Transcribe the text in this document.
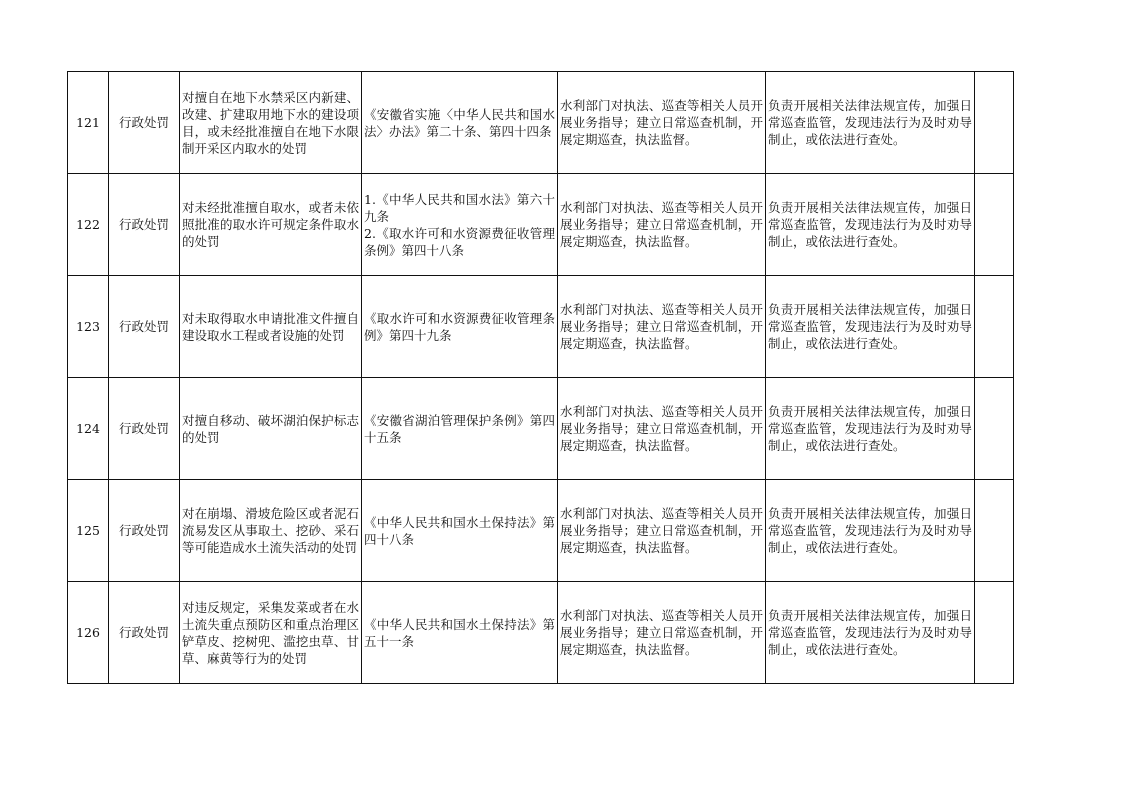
121	行政处罚	对擅自在地下水禁采区内新建、改建、扩建取用地下水的建设项目，或未经批准擅自在地下水限制开采区内取水的处罚	《安徽省实施〈中华人民共和国水法〉办法》第二十条、第四十四条	水利部门对执法、巡查等相关人员开展业务指导；建立日常巡查机制，开展定期巡查，执法监督。	负责开展相关法律法规宣传，加强日常巡查监管，发现违法行为及时劝导制止，或依法进行查处。	
122	行政处罚	对未经批准擅自取水，或者未依照批准的取水许可规定条件取水的处罚	1.《中华人民共和国水法》第六十九条
2.《取水许可和水资源费征收管理条例》第四十八条	水利部门对执法、巡查等相关人员开展业务指导；建立日常巡查机制，开展定期巡查，执法监督。	负责开展相关法律法规宣传，加强日常巡查监管，发现违法行为及时劝导制止，或依法进行查处。	
123	行政处罚	对未取得取水申请批准文件擅自建设取水工程或者设施的处罚	《取水许可和水资源费征收管理条例》第四十九条	水利部门对执法、巡查等相关人员开展业务指导；建立日常巡查机制，开展定期巡查，执法监督。	负责开展相关法律法规宣传，加强日常巡查监管，发现违法行为及时劝导制止，或依法进行查处。	
124	行政处罚	对擅自移动、破坏湖泊保护标志的处罚	《安徽省湖泊管理保护条例》第四十五条	水利部门对执法、巡查等相关人员开展业务指导；建立日常巡查机制，开展定期巡查，执法监督。	负责开展相关法律法规宣传，加强日常巡查监管，发现违法行为及时劝导制止，或依法进行查处。	
125	行政处罚	对在崩塌、滑坡危险区或者泥石流易发区从事取土、挖砂、采石等可能造成水土流失活动的处罚	《中华人民共和国水土保持法》第四十八条	水利部门对执法、巡查等相关人员开展业务指导；建立日常巡查机制，开展定期巡查，执法监督。	负责开展相关法律法规宣传，加强日常巡查监管，发现违法行为及时劝导制止，或依法进行查处。	
126	行政处罚	对违反规定，采集发菜或者在水土流失重点预防区和重点治理区铲草皮、挖树兜、滥挖虫草、甘草、麻黄等行为的处罚	《中华人民共和国水土保持法》第五十一条	水利部门对执法、巡查等相关人员开展业务指导；建立日常巡查机制，开展定期巡查，执法监督。	负责开展相关法律法规宣传，加强日常巡查监管，发现违法行为及时劝导制止，或依法进行查处。	
